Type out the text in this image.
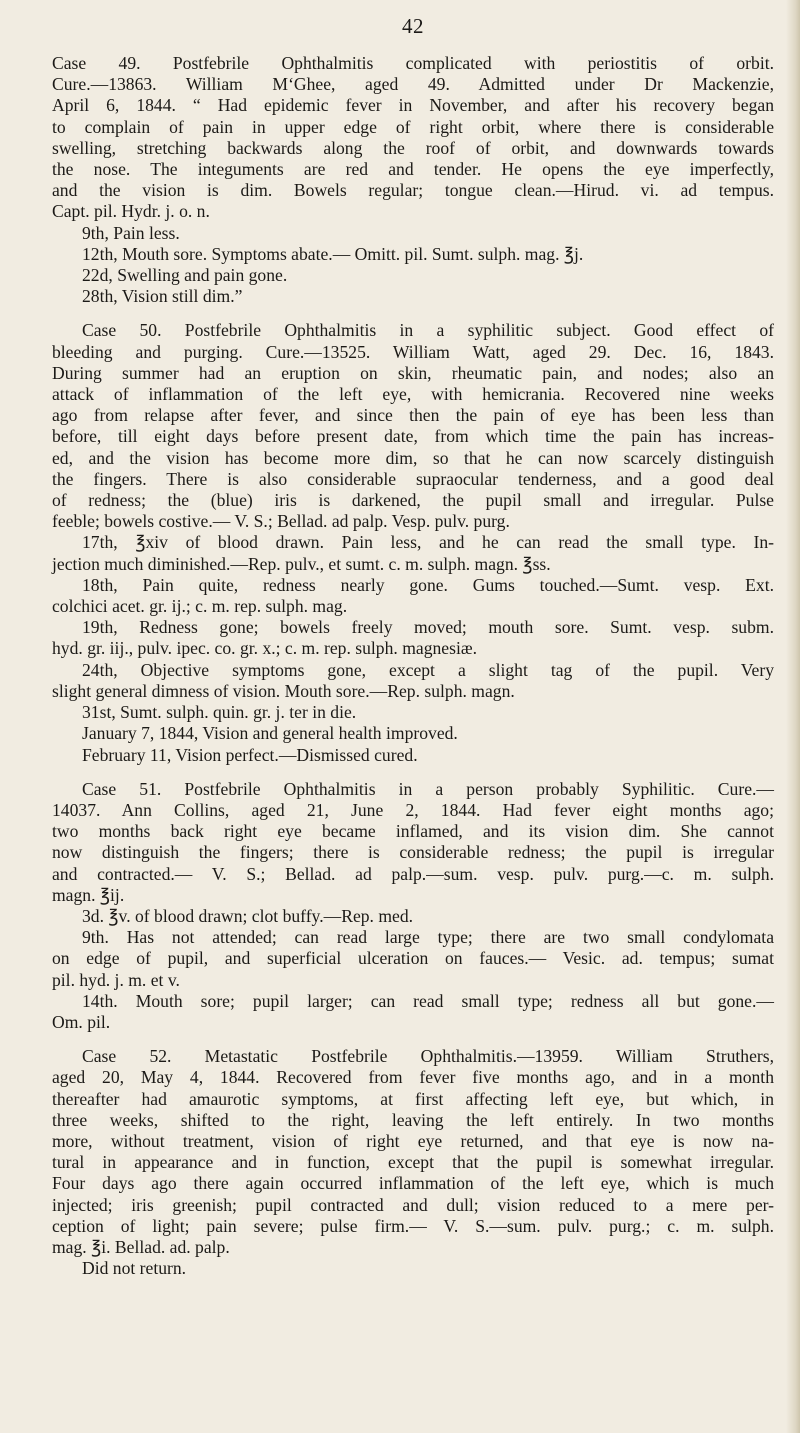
42
Case 49. Postfebrile Ophthalmitis complicated with periostitis of orbit.
Cure.—13863. William M‘Ghee, aged 49. Admitted under Dr Mackenzie,
April 6, 1844. “ Had epidemic fever in November, and after his recovery began
to complain of pain in upper edge of right orbit, where there is considerable
swelling, stretching backwards along the roof of orbit, and downwards towards
the nose. The integuments are red and tender. He opens the eye imperfectly,
and the vision is dim. Bowels regular; tongue clean.—Hirud. vi. ad tempus.
Capt. pil. Hydr. j. o. n.
9th, Pain less.
12th, Mouth sore. Symptoms abate.— Omitt. pil. Sumt. sulph. mag. ℥j.
22d, Swelling and pain gone.
28th, Vision still dim.”
Case 50. Postfebrile Ophthalmitis in a syphilitic subject. Good effect of
bleeding and purging. Cure.—13525. William Watt, aged 29. Dec. 16, 1843.
During summer had an eruption on skin, rheumatic pain, and nodes; also an
attack of inflammation of the left eye, with hemicrania. Recovered nine weeks
ago from relapse after fever, and since then the pain of eye has been less than
before, till eight days before present date, from which time the pain has increas-
ed, and the vision has become more dim, so that he can now scarcely distinguish
the fingers. There is also considerable supraocular tenderness, and a good deal
of redness; the (blue) iris is darkened, the pupil small and irregular. Pulse
feeble; bowels costive.— V. S.; Bellad. ad palp. Vesp. pulv. purg.
17th, ℥xiv of blood drawn. Pain less, and he can read the small type. In-
jection much diminished.—Rep. pulv., et sumt. c. m. sulph. magn. ℥ss.
18th, Pain quite, redness nearly gone. Gums touched.—Sumt. vesp. Ext.
colchici acet. gr. ij.; c. m. rep. sulph. mag.
19th, Redness gone; bowels freely moved; mouth sore. Sumt. vesp. subm.
hyd. gr. iij., pulv. ipec. co. gr. x.; c. m. rep. sulph. magnesiæ.
24th, Objective symptoms gone, except a slight tag of the pupil. Very
slight general dimness of vision. Mouth sore.—Rep. sulph. magn.
31st, Sumt. sulph. quin. gr. j. ter in die.
January 7, 1844, Vision and general health improved.
February 11, Vision perfect.—Dismissed cured.
Case 51. Postfebrile Ophthalmitis in a person probably Syphilitic. Cure.—
14037. Ann Collins, aged 21, June 2, 1844. Had fever eight months ago;
two months back right eye became inflamed, and its vision dim. She cannot
now distinguish the fingers; there is considerable redness; the pupil is irregular
and contracted.— V. S.; Bellad. ad palp.—sum. vesp. pulv. purg.—c. m. sulph.
magn. ℥ij.
3d. ℥v. of blood drawn; clot buffy.—Rep. med.
9th. Has not attended; can read large type; there are two small condylomata
on edge of pupil, and superficial ulceration on fauces.— Vesic. ad. tempus; sumat
pil. hyd. j. m. et v.
14th. Mouth sore; pupil larger; can read small type; redness all but gone.—
Om. pil.
Case 52. Metastatic Postfebrile Ophthalmitis.—13959. William Struthers,
aged 20, May 4, 1844. Recovered from fever five months ago, and in a month
thereafter had amaurotic symptoms, at first affecting left eye, but which, in
three weeks, shifted to the right, leaving the left entirely. In two months
more, without treatment, vision of right eye returned, and that eye is now na-
tural in appearance and in function, except that the pupil is somewhat irregular.
Four days ago there again occurred inflammation of the left eye, which is much
injected; iris greenish; pupil contracted and dull; vision reduced to a mere per-
ception of light; pain severe; pulse firm.— V. S.—sum. pulv. purg.; c. m. sulph.
mag. ℥i. Bellad. ad. palp.
Did not return.
